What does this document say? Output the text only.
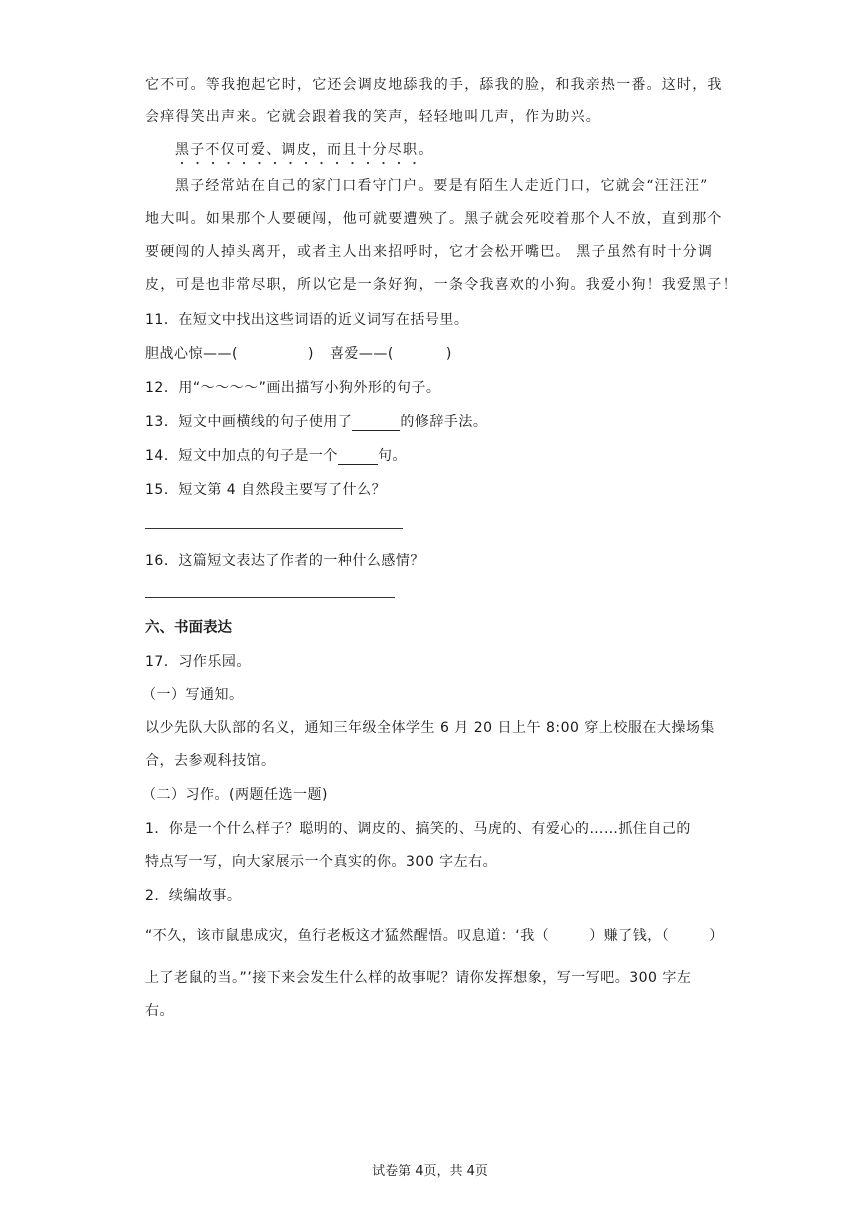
它不可。等我抱起它时，它还会调皮地舔我的手，舔我的脸，和我亲热一番。这时，我
会痒得笑出声来。它就会跟着我的笑声，轻轻地叫几声，作为助兴。
黑子不仅可爱、调皮，而且十分尽职。
黑子经常站在自己的家门口看守门户。要是有陌生人走近门口，它就会“汪汪汪”
地大叫。如果那个人要硬闯，他可就要遭殃了。黑子就会死咬着那个人不放，直到那个
要硬闯的人掉头离开，或者主人出来招呼时，它才会松开嘴巴。 黑子虽然有时十分调
皮，可是也非常尽职，所以它是一条好狗，一条令我喜欢的小狗。我爱小狗！我爱黑子！
11．在短文中找出这些词语的近义词写在括号里。
胆战心惊——(	) 喜爱——(	)
12．用“～～～～”画出描写小狗外形的句子。
13．短文中画横线的句子使用了	的修辞手法。
14．短文中加点的句子是一个	句。
15．短文第 4 自然段主要写了什么？
16．这篇短文表达了作者的一种什么感情？
六、书面表达
17．习作乐园。
（一）写通知。
以少先队大队部的名义，通知三年级全体学生 6 月 20 日上午 8:00 穿上校服在大操场集
合，去参观科技馆。
（二）习作。(两题任选一题)
1．你是一个什么样子？聪明的、调皮的、搞笑的、马虎的、有爱心的……抓住自己的
特点写一写，向大家展示一个真实的你。300 字左右。
2．续编故事。
“不久，该市鼠患成灾，鱼行老板这才猛然醒悟。叹息道：‘我（	）赚了钱，（	）
上了老鼠的当。”’接下来会发生什么样的故事呢？请你发挥想象，写一写吧。300 字左
右。
试卷第 4页，共 4页
